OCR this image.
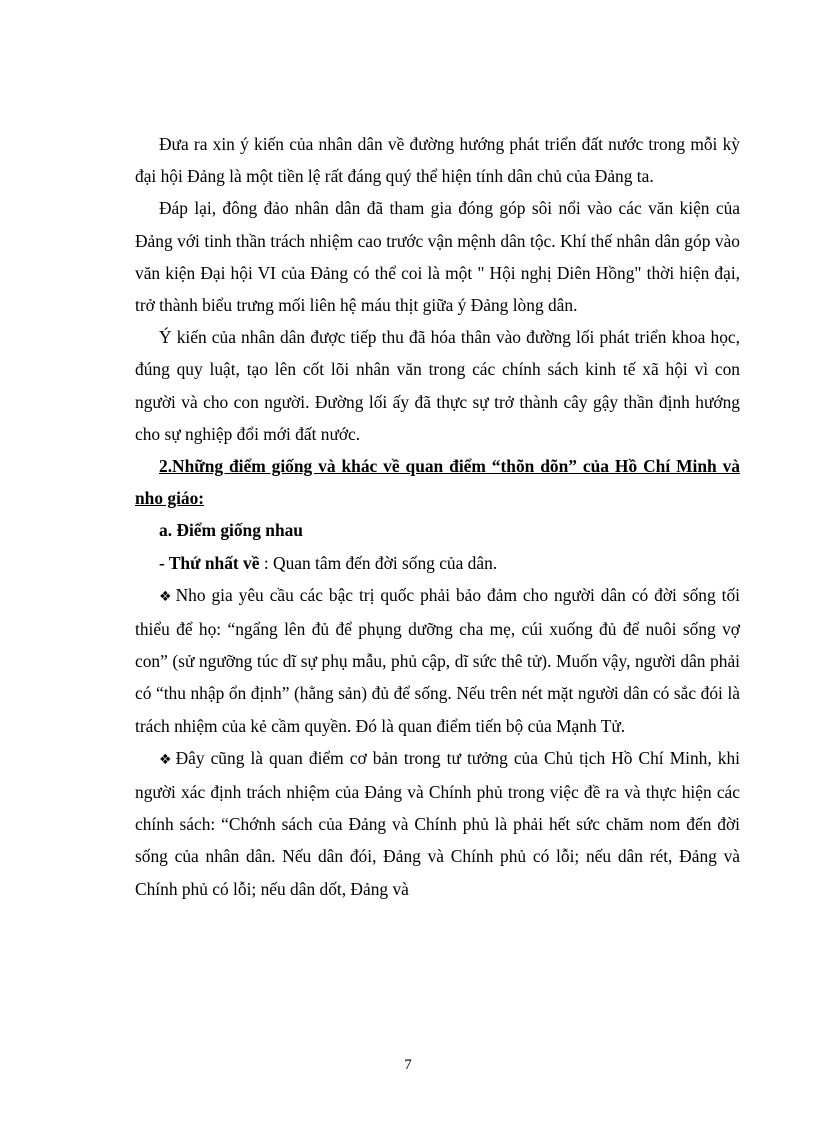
Đưa ra xin ý kiến của nhân dân về đường hướng phát triển đất nước trong mỗi kỳ đại hội Đảng là một tiền lệ rất đáng quý thể hiện tính dân chủ của Đảng ta.

Đáp lại, đông đảo nhân dân đã tham gia đóng góp sôi nổi vào các văn kiện của Đảng với tinh thần trách nhiệm cao trước vận mệnh dân tộc. Khí thế nhân dân góp vào văn kiện Đại hội VI của Đảng có thể coi là một " Hội nghị Diên Hồng" thời hiện đại, trở thành biểu trưng mối liên hệ máu thịt giữa ý Đảng lòng dân.

Ý kiến của nhân dân được tiếp thu đã hóa thân vào đường lối phát triển khoa học, đúng quy luật, tạo lên cốt lõi nhân văn trong các chính sách kinh tế xã hội vì con người và cho con người. Đường lối ấy đã thực sự trở thành cây gậy thần định hướng cho sự nghiệp đổi mới đất nước.

2.Những điểm giống và khác về quan điểm “thõn dõn” của Hồ Chí Minh và nho giáo:

a. Điểm giống nhau

- Thứ nhất về : Quan tâm đến đời sống của dân.

❖ Nho gia yêu cầu các bậc trị quốc phải bảo đảm cho người dân có đời sống tối thiểu để họ: “ngẩng lên đủ để phụng dưỡng cha mẹ, cúi xuống đủ để nuôi sống vợ con” (sử ngưỡng túc dĩ sự phụ mẫu, phủ cập, dĩ sức thê tử). Muốn vậy, người dân phải có “thu nhập ổn định” (hằng sản) đủ để sống. Nếu trên nét mặt người dân có sắc đói là trách nhiệm của kẻ cầm quyền. Đó là quan điểm tiến bộ của Mạnh Tử.

❖ Đây cũng là quan điểm cơ bản trong tư tưởng của Chủ tịch Hồ Chí Minh, khi người xác định trách nhiệm của Đảng và Chính phủ trong việc đề ra và thực hiện các chính sách: “Chớnh sách của Đảng và Chính phủ là phải hết sức chăm nom đến đời sống của nhân dân. Nếu dân đói, Đảng và Chính phủ có lỗi; nếu dân rét, Đảng và Chính phủ có lỗi; nếu dân dốt, Đảng và

7
